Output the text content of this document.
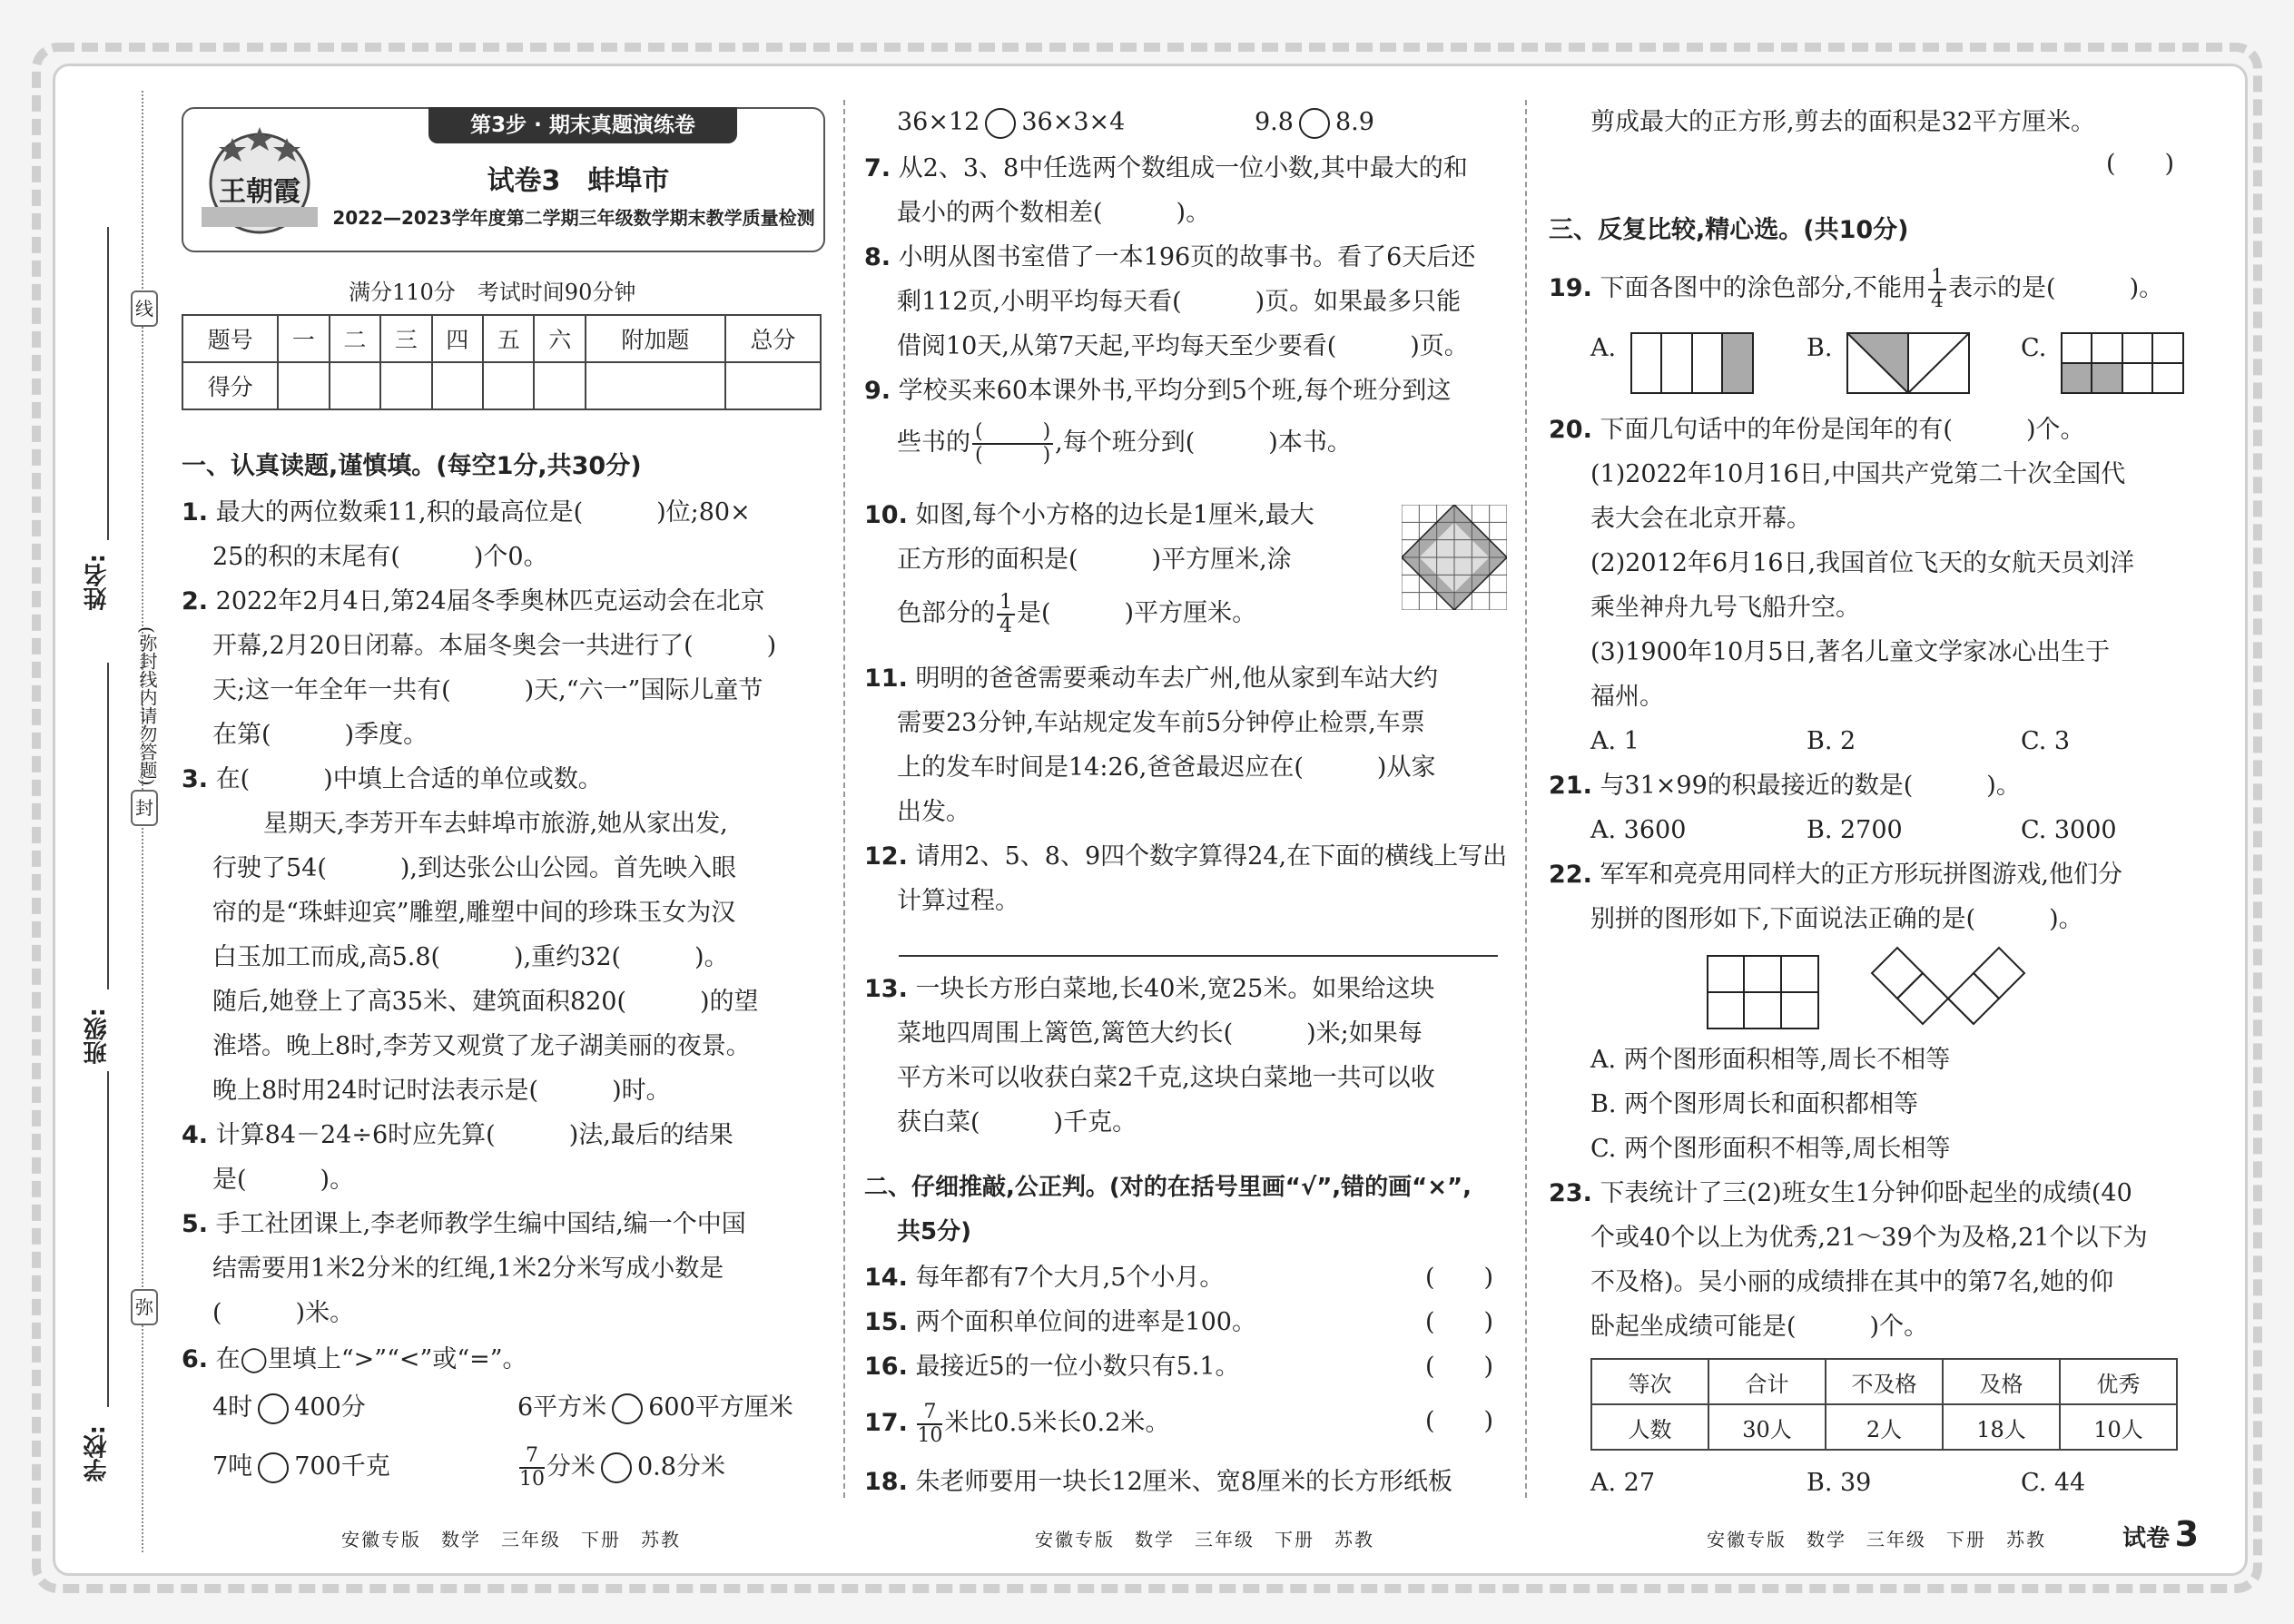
线
封
弥
(弥封线内请勿答题)
姓名:
班级:
学校:
王朝霞
第3步 · 期末真题演练卷
试卷3　蚌埠市
2022—2023学年度第二学期三年级数学期末教学质量检测
满分110分　考试时间90分钟
题号	一	二	三	四	五	六	附加题	总分
得分								
一、认真读题,谨慎填。(每空1分,共30分)
1. 最大的两位数乘11,积的最高位是(　　　)位;80×
25的积的末尾有(　　　)个0。
2. 2022年2月4日,第24届冬季奥林匹克运动会在北京
开幕,2月20日闭幕。本届冬奥会一共进行了(　　　)
天;这一年全年一共有(　　　)天,“六一”国际儿童节
在第(　　　)季度。
3. 在(　　　)中填上合适的单位或数。
星期天,李芳开车去蚌埠市旅游,她从家出发,
行驶了54(　　　),到达张公山公园。首先映入眼
帘的是“珠蚌迎宾”雕塑,雕塑中间的珍珠玉女为汉
白玉加工而成,高5.8(　　　),重约32(　　　)。
随后,她登上了高35米、建筑面积820(　　　)的望
淮塔。晚上8时,李芳又观赏了龙子湖美丽的夜景。
晚上8时用24时记时法表示是(　　　)时。
4. 计算84－24÷6时应先算(　　　)法,最后的结果
是(　　　)。
5. 手工社团课上,李老师教学生编中国结,编一个中国
结需要用1米2分米的红绳,1米2分米写成小数是
(　　　)米。
6. 在◯里填上“>”“<”或“=”。
4时 400分	6平方米 600平方厘米
7吨 700千克	$\frac{7}{10}$ 分米 0.8分米
安徽专版　数学　三年级　下册　苏教
36×12 36×3×4	9.8 8.9
7. 从2、3、8中任选两个数组成一位小数,其中最大的和
最小的两个数相差(　　　)。
8. 小明从图书室借了一本196页的故事书。看了6天后还
剩112页,小明平均每天看(　　　)页。如果最多只能
借阅10天,从第7天起,平均每天至少要看(　　　)页。
9. 学校买来60本课外书,平均分到5个班,每个班分到这
些书的 $\frac{( )}{( )}$ ,每个班分到(　　　)本书。
10. 如图,每个小方格的边长是1厘米,最大
正方形的面积是(　　　)平方厘米,涂
色部分的 $\frac{1}{4}$ 是(　　　)平方厘米。
11. 明明的爸爸需要乘动车去广州,他从家到车站大约
需要23分钟,车站规定发车前5分钟停止检票,车票
上的发车时间是14:26,爸爸最迟应在(　　　)从家
出发。
12. 请用2、5、8、9四个数字算得24,在下面的横线上写出
计算过程。
13. 一块长方形白菜地,长40米,宽25米。如果给这块
菜地四周围上篱笆,篱笆大约长(　　　)米;如果每
平方米可以收获白菜2千克,这块白菜地一共可以收
获白菜(　　　)千克。
二、仔细推敲,公正判。(对的在括号里画“√”,错的画“×”,
共5分)
14. 每年都有7个大月,5个小月。	(　　)
15. 两个面积单位间的进率是100。	(　　)
16. 最接近5的一位小数只有5.1。	(　　)
17. $\frac{7}{10}$ 米比0.5米长0.2米。	(　　)
18. 朱老师要用一块长12厘米、宽8厘米的长方形纸板
安徽专版　数学　三年级　下册　苏教
剪成最大的正方形,剪去的面积是32平方厘米。
(　　)
三、反复比较,精心选。(共10分)
19. 下面各图中的涂色部分,不能用 $\frac{1}{4}$ 表示的是(　　　)。
A.	B.	C.
20. 下面几句话中的年份是闰年的有(　　　)个。
(1)2022年10月16日,中国共产党第二十次全国代
表大会在北京开幕。
(2)2012年6月16日,我国首位飞天的女航天员刘洋
乘坐神舟九号飞船升空。
(3)1900年10月5日,著名儿童文学家冰心出生于
福州。
A. 1	B. 2	C. 3
21. 与31×99的积最接近的数是(　　　)。
A. 3600	B. 2700	C. 3000
22. 军军和亮亮用同样大的正方形玩拼图游戏,他们分
别拼的图形如下,下面说法正确的是(　　　)。
A. 两个图形面积相等,周长不相等
B. 两个图形周长和面积都相等
C. 两个图形面积不相等,周长相等
23. 下表统计了三(2)班女生1分钟仰卧起坐的成绩(40
个或40个以上为优秀,21～39个为及格,21个以下为
不及格)。吴小丽的成绩排在其中的第7名,她的仰
卧起坐成绩可能是(　　　)个。
等次	合计	不及格	及格	优秀
人数	30人	2人	18人	10人
A. 27	B. 39	C. 44
安徽专版　数学　三年级　下册　苏教	试卷 3
